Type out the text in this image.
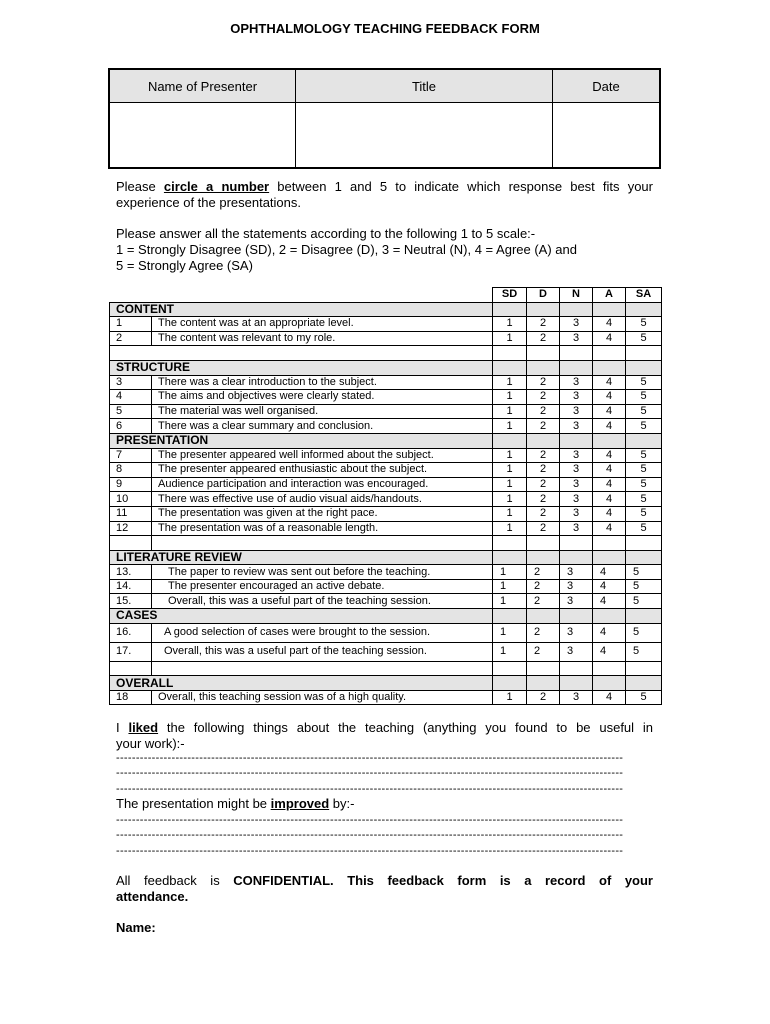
OPHTHALMOLOGY TEACHING FEEDBACK FORM
Name of Presenter	Title	Date

Please circle a number between 1 and 5 to indicate which response best fits your
experience of the presentations.
Please answer all the statements according to the following 1 to 5 scale:-
1 = Strongly Disagree (SD), 2 = Disagree (D), 3 = Neutral (N), 4 = Agree (A) and
5 = Strongly Agree (SA)
		SD	D	N	A	SA
CONTENT						
1	The content was at an appropriate level.	1	2	3	4	5
2	The content was relevant to my role.	1	2	3	4	5

STRUCTURE						
3	There was a clear introduction to the subject.	1	2	3	4	5
4	The aims and objectives were clearly stated.	1	2	3	4	5
5	The material was well organised.	1	2	3	4	5
6	There was a clear summary and conclusion.	1	2	3	4	5
PRESENTATION						
7	The presenter appeared well informed about the subject.	1	2	3	4	5
8	The presenter appeared enthusiastic about the subject.	1	2	3	4	5
9	Audience participation and interaction was encouraged.	1	2	3	4	5
10	There was effective use of audio visual aids/handouts.	1	2	3	4	5
11	The presentation was given at the right pace.	1	2	3	4	5
12	The presentation was of a reasonable length.	1	2	3	4	5

LITERATURE REVIEW						
13.	The paper to review was sent out before the teaching.	1	2	3	4	5
14.	The presenter encouraged an active debate.	1	2	3	4	5
15.	Overall, this was a useful part of the teaching session.	1	2	3	4	5
CASES						
16.	A good selection of cases were brought to the session.	1	2	3	4	5
17.	Overall, this was a useful part of the teaching session.	1	2	3	4	5

OVERALL						
18	Overall, this teaching session was of a high quality.	1	2	3	4	5
I liked the following things about the teaching (anything you found to be useful in
your work):-
--------------------------------------------------------------------------------------------------------------------------------
--------------------------------------------------------------------------------------------------------------------------------
--------------------------------------------------------------------------------------------------------------------------------
The presentation might be improved by:-
--------------------------------------------------------------------------------------------------------------------------------
--------------------------------------------------------------------------------------------------------------------------------
--------------------------------------------------------------------------------------------------------------------------------
All feedback is CONFIDENTIAL. This feedback form is a record of your
attendance.
Name:
